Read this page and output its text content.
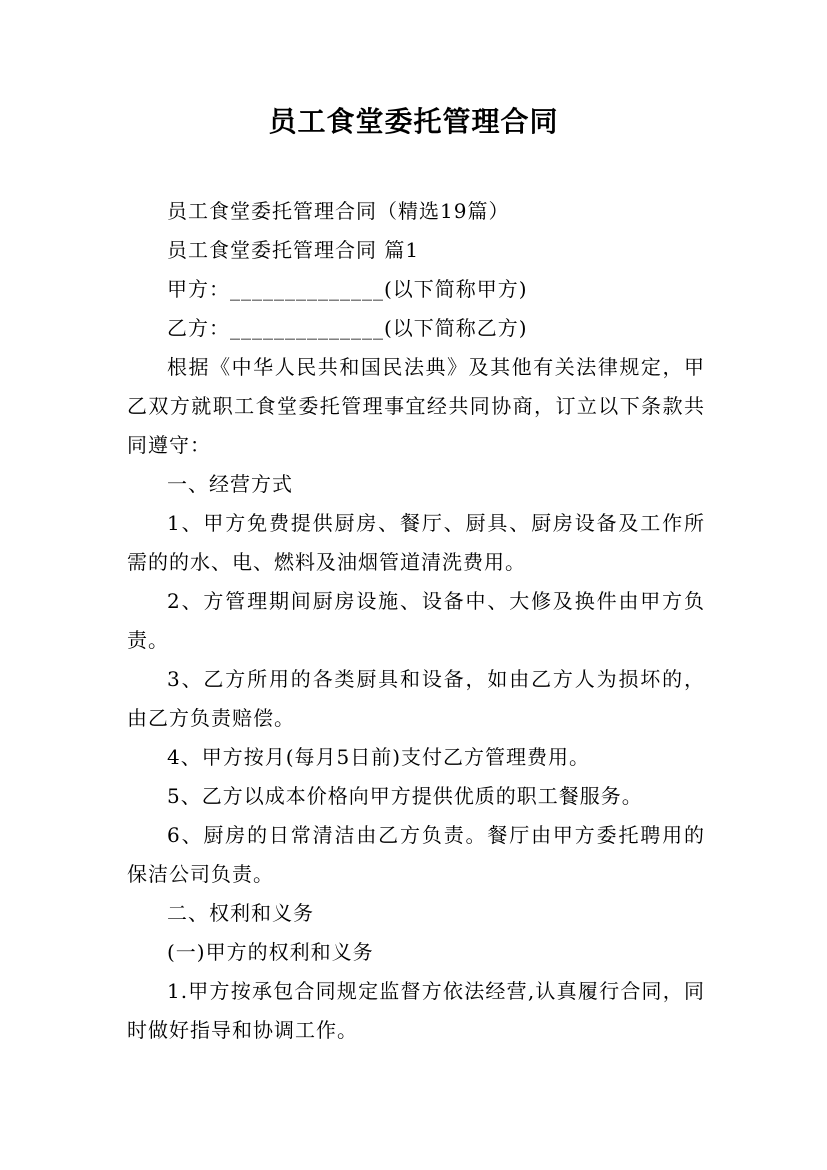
员工食堂委托管理合同

员工食堂委托管理合同（精选19篇）

员工食堂委托管理合同 篇1

甲方：______________(以下简称甲方)

乙方：______________(以下简称乙方)

根据《中华人民共和国民法典》及其他有关法律规定，甲乙双方就职工食堂委托管理事宜经共同协商，订立以下条款共同遵守：

一、经营方式

1、甲方免费提供厨房、餐厅、厨具、厨房设备及工作所需的的水、电、燃料及油烟管道清洗费用。

2、方管理期间厨房设施、设备中、大修及换件由甲方负责。

3、乙方所用的各类厨具和设备，如由乙方人为损坏的，由乙方负责赔偿。

4、甲方按月(每月5日前)支付乙方管理费用。

5、乙方以成本价格向甲方提供优质的职工餐服务。

6、厨房的日常清洁由乙方负责。餐厅由甲方委托聘用的保洁公司负责。

二、权利和义务

(一)甲方的权利和义务

1.甲方按承包合同规定监督方依法经营,认真履行合同，同时做好指导和协调工作。
